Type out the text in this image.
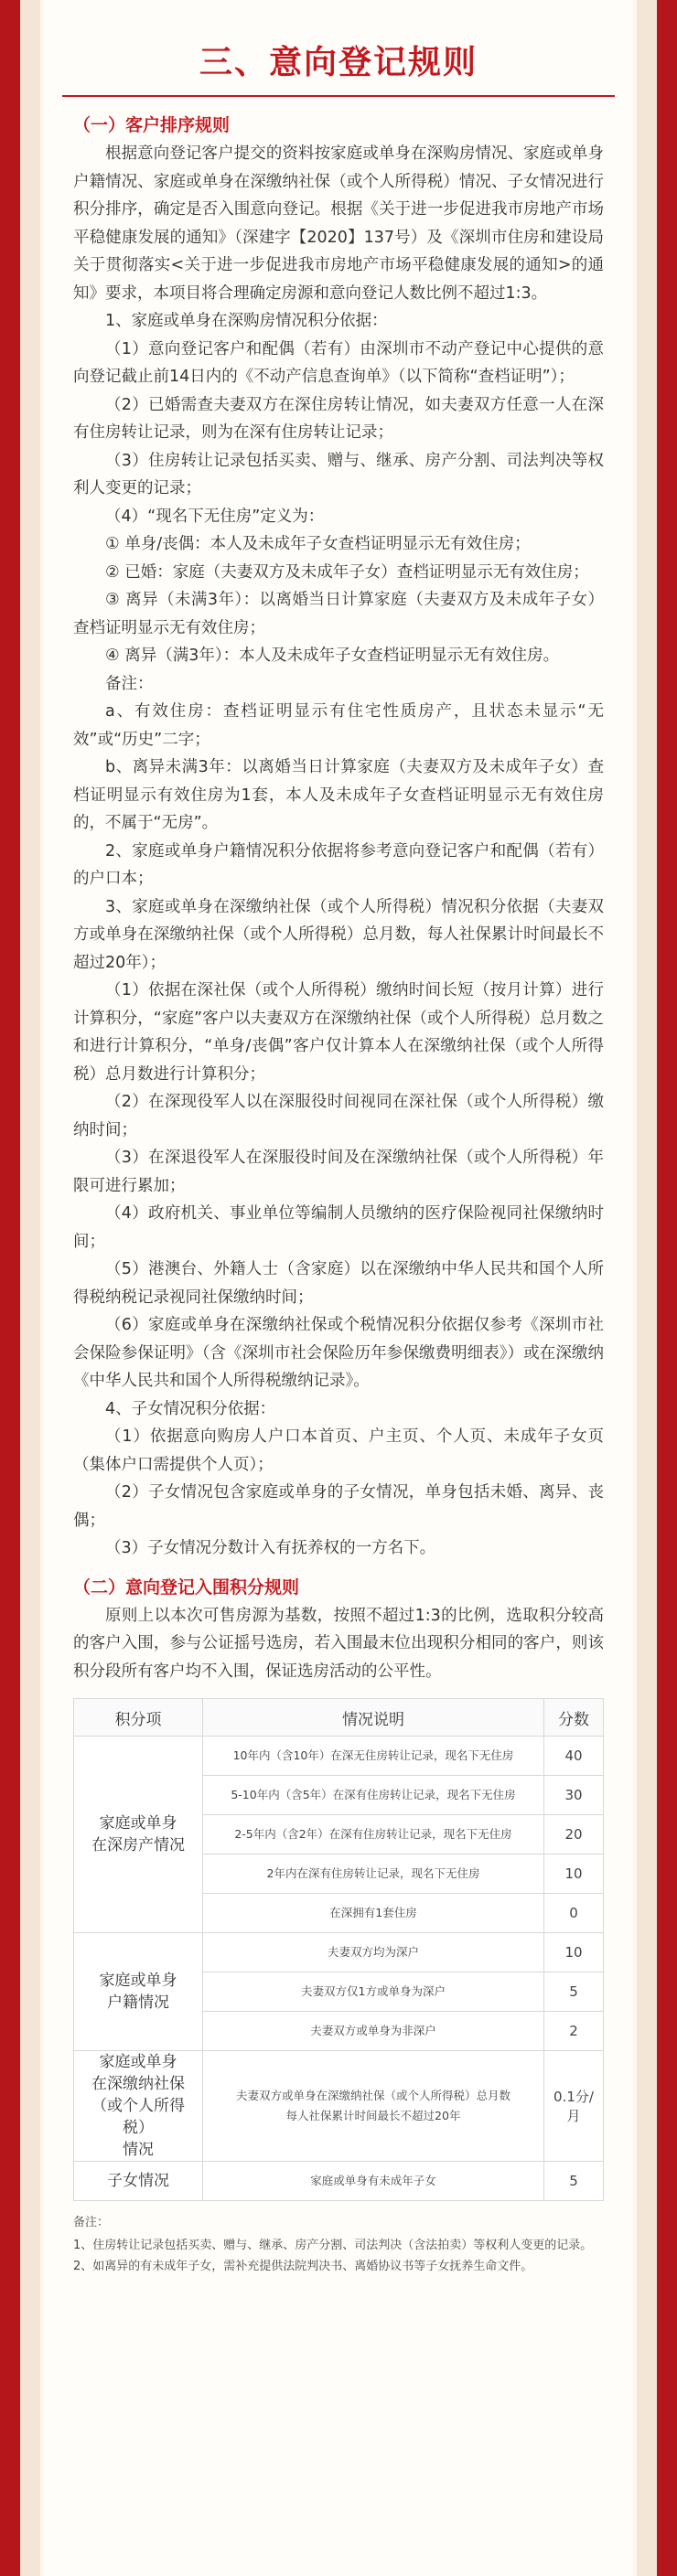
三、意向登记规则
（一）客户排序规则

根据意向登记客户提交的资料按家庭或单身在深购房情况、家庭或单身户籍情况、家庭或单身在深缴纳社保（或个人所得税）情况、子女情况进行积分排序，确定是否入围意向登记。根据《关于进一步促进我市房地产市场平稳健康发展的通知》（深建字【2020】137号）及《深圳市住房和建设局关于贯彻落实<关于进一步促进我市房地产市场平稳健康发展的通知>的通知》要求，本项目将合理确定房源和意向登记人数比例不超过1:3。

1、家庭或单身在深购房情况积分依据：

（1）意向登记客户和配偶（若有）由深圳市不动产登记中心提供的意向登记截止前14日内的《不动产信息查询单》（以下简称“查档证明”）；

（2）已婚需查夫妻双方在深住房转让情况，如夫妻双方任意一人在深有住房转让记录，则为在深有住房转让记录；

（3）住房转让记录包括买卖、赠与、继承、房产分割、司法判决等权利人变更的记录；

（4）“现名下无住房”定义为：

① 单身/丧偶：本人及未成年子女查档证明显示无有效住房；

② 已婚：家庭（夫妻双方及未成年子女）查档证明显示无有效住房；

③ 离异（未满3年）：以离婚当日计算家庭（夫妻双方及未成年子女）查档证明显示无有效住房；

④ 离异（满3年）：本人及未成年子女查档证明显示无有效住房。

备注：

a、有效住房：查档证明显示有住宅性质房产，且状态未显示“无效”或“历史”二字；

b、离异未满3年：以离婚当日计算家庭（夫妻双方及未成年子女）查档证明显示有效住房为1套，本人及未成年子女查档证明显示无有效住房的，不属于“无房”。

2、家庭或单身户籍情况积分依据将参考意向登记客户和配偶（若有）的户口本；

3、家庭或单身在深缴纳社保（或个人所得税）情况积分依据（夫妻双方或单身在深缴纳社保（或个人所得税）总月数，每人社保累计时间最长不超过20年）；

（1）依据在深社保（或个人所得税）缴纳时间长短（按月计算）进行计算积分，“家庭”客户以夫妻双方在深缴纳社保（或个人所得税）总月数之和进行计算积分，“单身/丧偶”客户仅计算本人在深缴纳社保（或个人所得税）总月数进行计算积分；

（2）在深现役军人以在深服役时间视同在深社保（或个人所得税）缴纳时间；

（3）在深退役军人在深服役时间及在深缴纳社保（或个人所得税）年限可进行累加；

（4）政府机关、事业单位等编制人员缴纳的医疗保险视同社保缴纳时间；

（5）港澳台、外籍人士（含家庭）以在深缴纳中华人民共和国个人所得税纳税记录视同社保缴纳时间；

（6）家庭或单身在深缴纳社保或个税情况积分依据仅参考《深圳市社会保险参保证明》（含《深圳市社会保险历年参保缴费明细表》）或在深缴纳《中华人民共和国个人所得税缴纳记录》。

4、子女情况积分依据：

（1）依据意向购房人户口本首页、户主页、个人页、未成年子女页（集体户口需提供个人页）；

（2）子女情况包含家庭或单身的子女情况，单身包括未婚、离异、丧偶；

（3）子女情况分数计入有抚养权的一方名下。

（二）意向登记入围积分规则

原则上以本次可售房源为基数，按照不超过1:3的比例，选取积分较高的客户入围，参与公证摇号选房，若入围最末位出现积分相同的客户，则该积分段所有客户均不入围，保证选房活动的公平性。

积分项	情况说明	分数
家庭或单身
在深房产情况	10年内（含10年）在深无住房转让记录，现名下无住房	40
	5-10年内（含5年）在深有住房转让记录，现名下无住房	30
	2-5年内（含2年）在深有住房转让记录，现名下无住房	20
	2年内在深有住房转让记录，现名下无住房	10
	在深拥有1套住房	0
家庭或单身
户籍情况	夫妻双方均为深户	10
	夫妻双方仅1方或单身为深户	5
	夫妻双方或单身为非深户	2
家庭或单身
在深缴纳社保
（或个人所得税）
情况	夫妻双方或单身在深缴纳社保（或个人所得税）总月数
每人社保累计时间最长不超过20年	0.1分/月
子女情况	家庭或单身有未成年子女	5
备注：
1、住房转让记录包括买卖、赠与、继承、房产分割、司法判决（含法拍卖）等权利人变更的记录。
2、如离异的有未成年子女，需补充提供法院判决书、离婚协议书等子女抚养生命文件。
